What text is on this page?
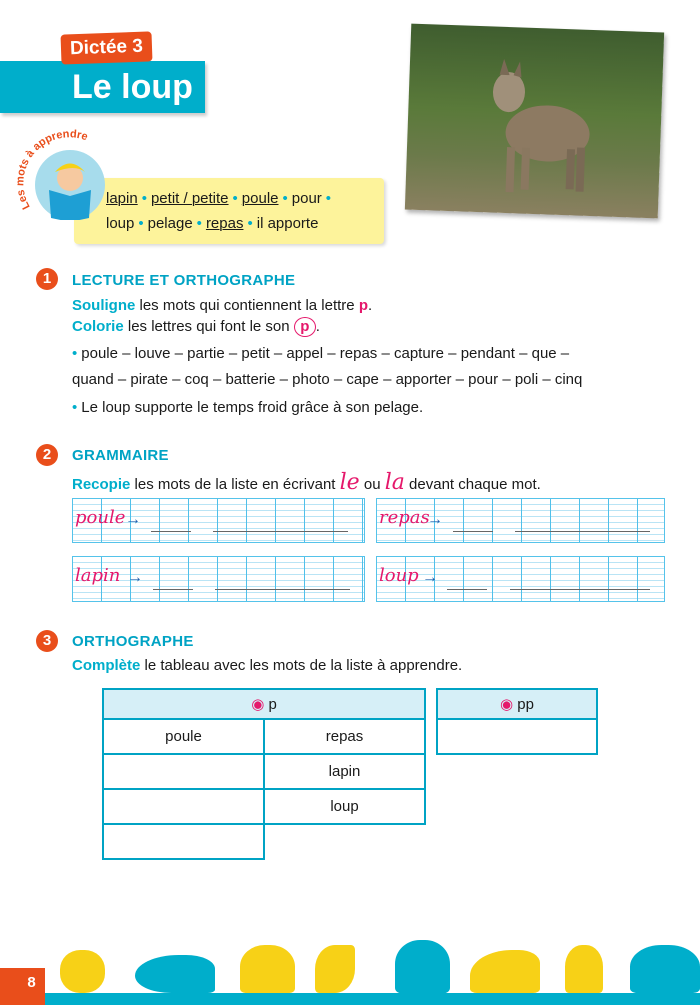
Le loup
Dictée 3
lapin • petit / petite • poule • pour •
loup • pelage • repas • il apporte
Les mots à apprendre
1	LECTURE ET ORTHOGRAPHE
Souligne les mots qui contiennent la lettre p.
Colorie les lettres qui font le son p .
• poule – louve – partie – petit – appel – repas – capture – pendant – que –
quand – pirate – coq – batterie – photo – cape – apporter – pour – poli – cinq
• Le loup supporte le temps froid grâce à son pelage.
2	GRAMMAIRE
Recopie les mots de la liste en écrivant le ou la devant chaque mot.
poule →	repas
→
lapin →	loup →
3	ORTHOGRAPHE
Complète le tableau avec les mots de la liste à apprendre.
◉ p	
poule	repas
	lapin
	loup

◉ pp

8
